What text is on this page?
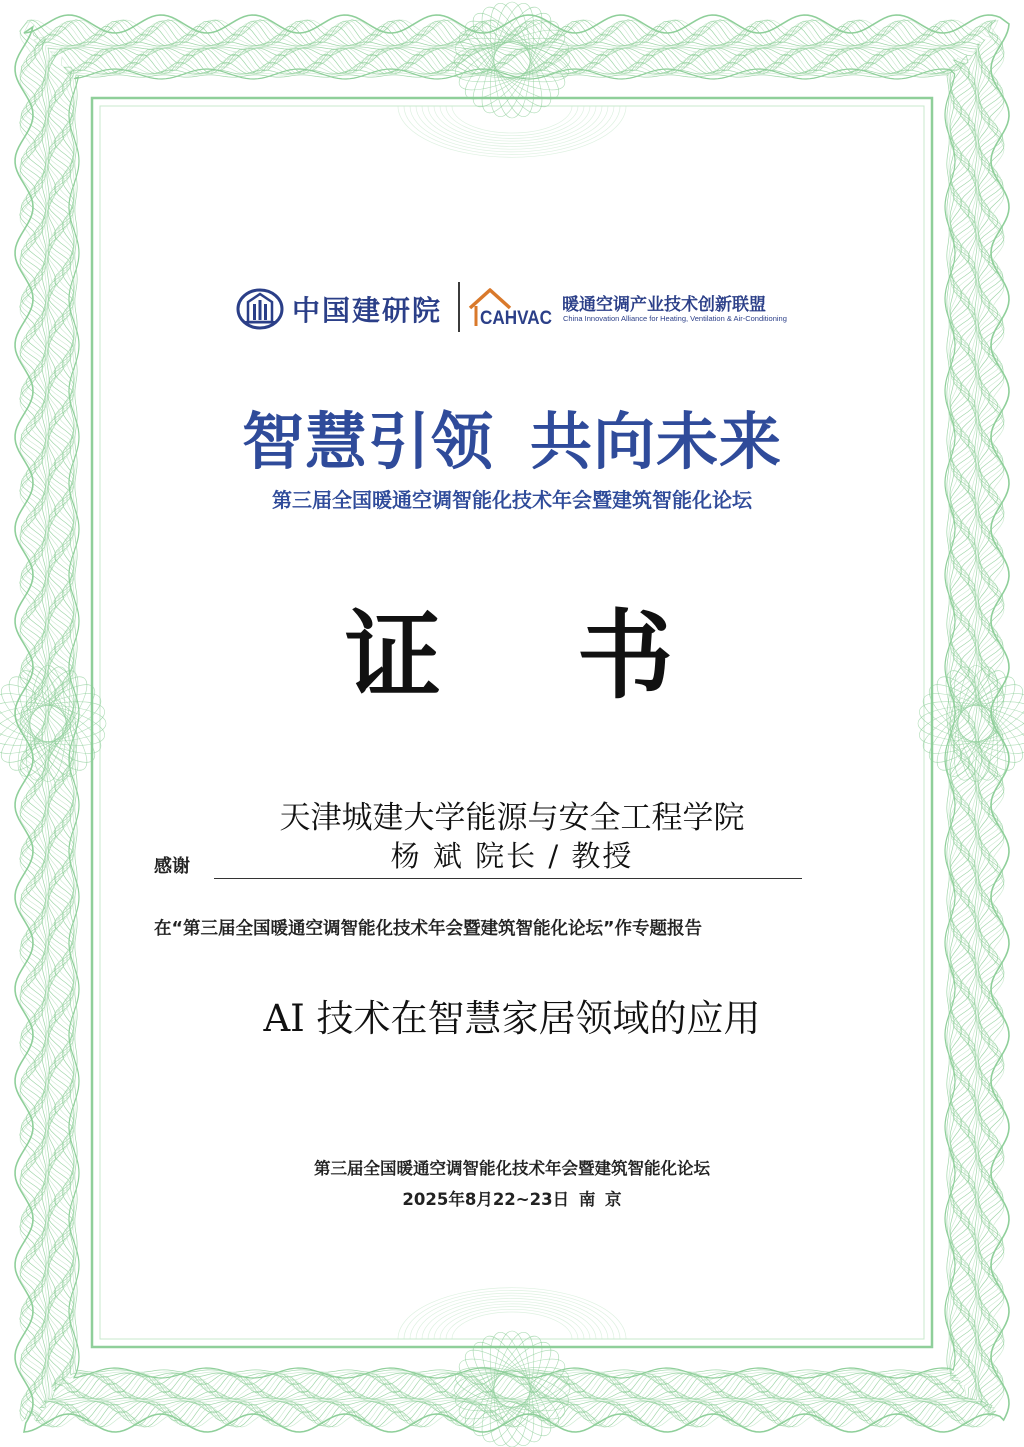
中国建研院 CAHVAC
暖通空调产业技术创新联盟
China Innovation Alliance for Heating, Ventilation & Air-Conditioning
智慧引领 共向未来
第三届全国暖通空调智能化技术年会暨建筑智能化论坛
证 书
天津城建大学能源与安全工程学院
杨 斌 院长 / 教授
感谢
在“第三届全国暖通空调智能化技术年会暨建筑智能化论坛”作专题报告
AI 技术在智慧家居领域的应用
第三届全国暖通空调智能化技术年会暨建筑智能化论坛
2025年8月22~23日 南 京
